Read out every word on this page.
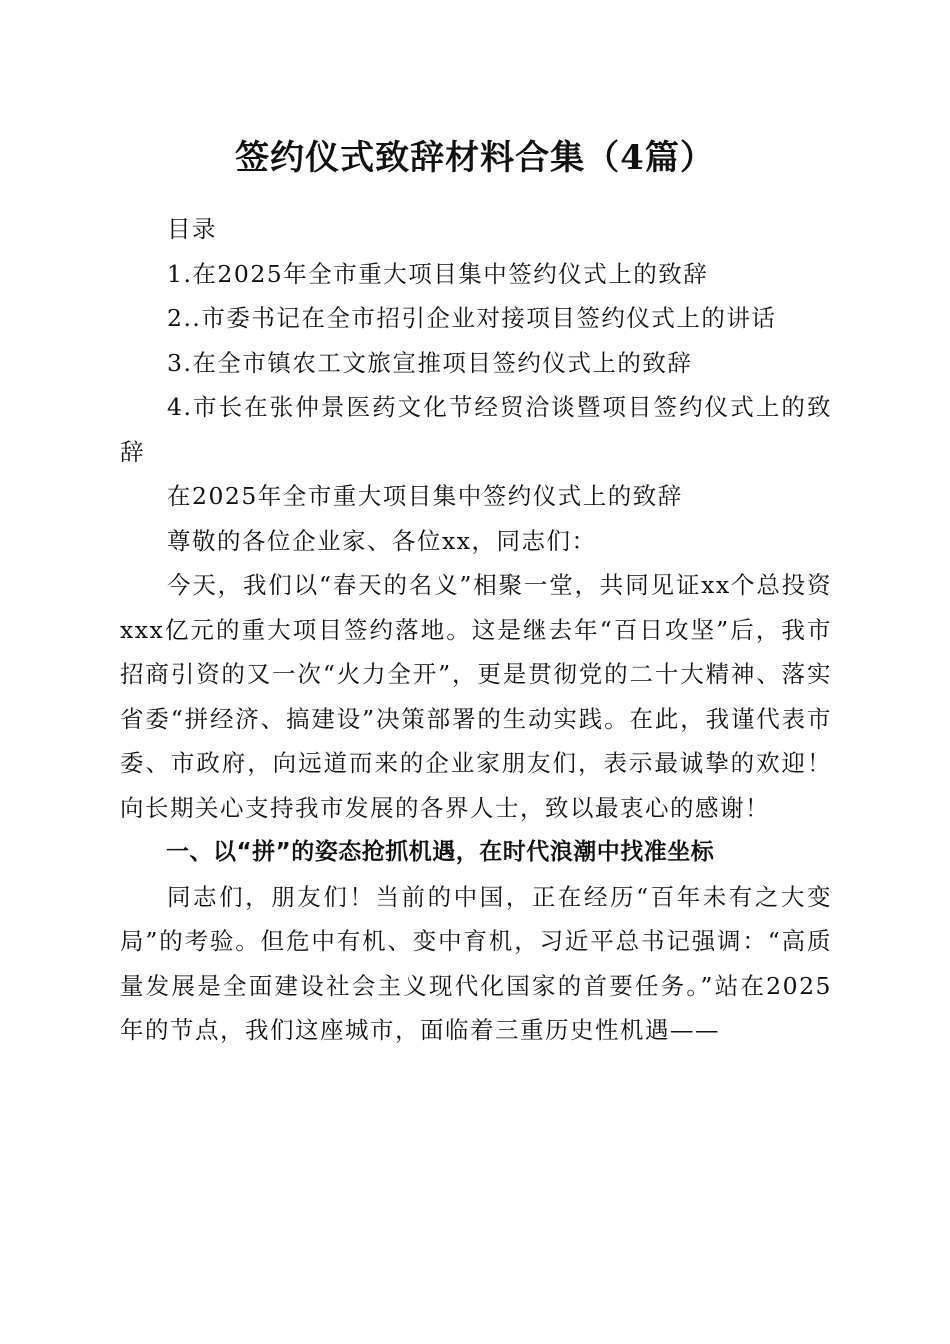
签约仪式致辞材料合集（4篇）

目录

1.在2025年全市重大项目集中签约仪式上的致辞

2..市委书记在全市招引企业对接项目签约仪式上的讲话

3.在全市镇农工文旅宣推项目签约仪式上的致辞

4.市长在张仲景医药文化节经贸洽谈暨项目签约仪式上的致辞

在2025年全市重大项目集中签约仪式上的致辞

尊敬的各位企业家、各位xx，同志们：

今天，我们以“春天的名义”相聚一堂，共同见证xx个总投资xxx亿元的重大项目签约落地。这是继去年“百日攻坚”后，我市招商引资的又一次“火力全开”，更是贯彻党的二十大精神、落实省委“拼经济、搞建设”决策部署的生动实践。在此，我谨代表市委、市政府，向远道而来的企业家朋友们，表示最诚挚的欢迎！向长期关心支持我市发展的各界人士，致以最衷心的感谢！

一、以“拼”的姿态抢抓机遇，在时代浪潮中找准坐标

同志们，朋友们！当前的中国，正在经历“百年未有之大变局”的考验。但危中有机、变中育机，习近平总书记强调：“高质量发展是全面建设社会主义现代化国家的首要任务。”站在2025年的节点，我们这座城市，面临着三重历史性机遇——
